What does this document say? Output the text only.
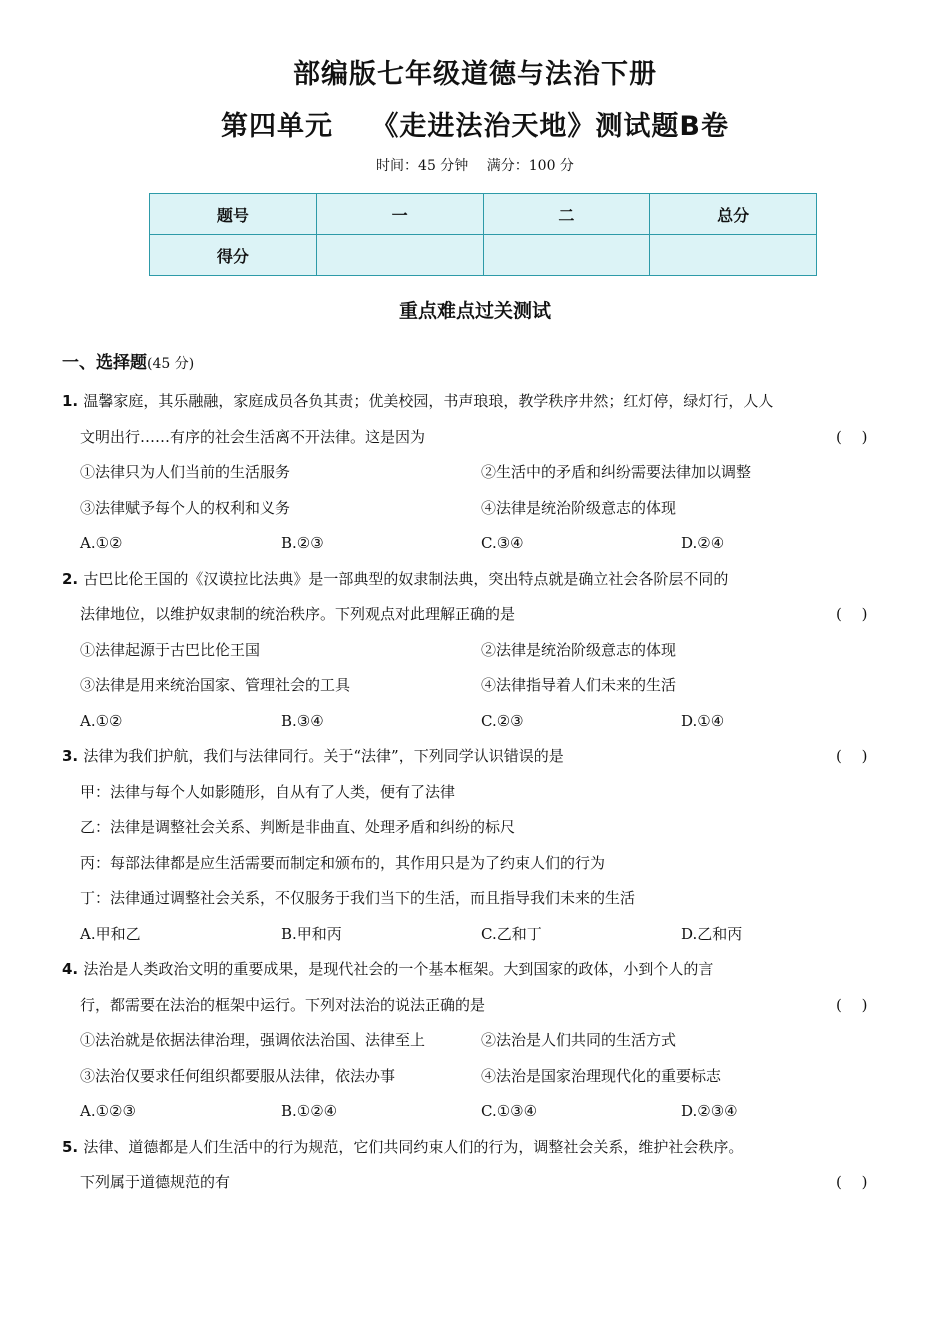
部编版七年级道德与法治下册
第四单元　 《走进法治天地》测试题B卷
时间：45 分钟　 满分：100 分
题号	一	二	总分
得分			
重点难点过关测试
一、选择题(45 分)
1. 温馨家庭，其乐融融，家庭成员各负其责；优美校园，书声琅琅，教学秩序井然；红灯停，绿灯行，人人
文明出行……有序的社会生活离不开法律。这是因为	(　 )
①法律只为人们当前的生活服务	②生活中的矛盾和纠纷需要法律加以调整
③法律赋予每个人的权利和义务	④法律是统治阶级意志的体现
A.①②	B.②③	C.③④	D.②④
2. 古巴比伦王国的《汉谟拉比法典》是一部典型的奴隶制法典，突出特点就是确立社会各阶层不同的
法律地位，以维护奴隶制的统治秩序。下列观点对此理解正确的是	(　 )
①法律起源于古巴比伦王国	②法律是统治阶级意志的体现
③法律是用来统治国家、管理社会的工具	④法律指导着人们未来的生活
A.①②	B.③④	C.②③	D.①④
3. 法律为我们护航，我们与法律同行。关于“法律”，下列同学认识错误的是	(　 )
甲：法律与每个人如影随形，自从有了人类，便有了法律
乙：法律是调整社会关系、判断是非曲直、处理矛盾和纠纷的标尺
丙：每部法律都是应生活需要而制定和颁布的，其作用只是为了约束人们的行为
丁：法律通过调整社会关系，不仅服务于我们当下的生活，而且指导我们未来的生活
A.甲和乙	B.甲和丙	C.乙和丁	D.乙和丙
4. 法治是人类政治文明的重要成果，是现代社会的一个基本框架。大到国家的政体，小到个人的言
行，都需要在法治的框架中运行。下列对法治的说法正确的是	(　 )
①法治就是依据法律治理，强调依法治国、法律至上	②法治是人们共同的生活方式
③法治仅要求任何组织都要服从法律，依法办事	④法治是国家治理现代化的重要标志
A.①②③	B.①②④	C.①③④	D.②③④
5. 法律、道德都是人们生活中的行为规范，它们共同约束人们的行为，调整社会关系，维护社会秩序。
下列属于道德规范的有	(　 )
